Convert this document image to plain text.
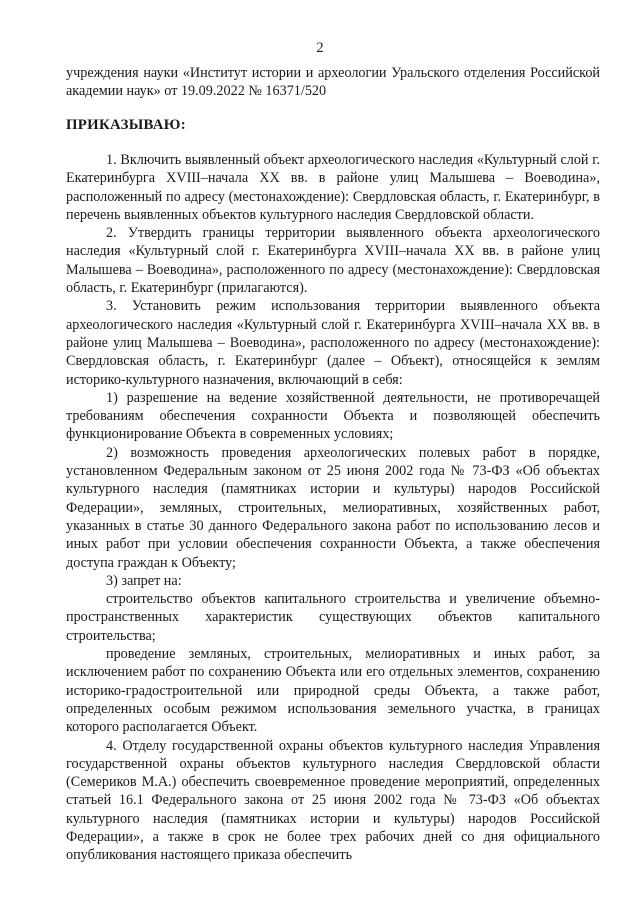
2

учреждения науки «Институт истории и археологии Уральского отделения Российской академии наук» от 19.09.2022 № 16371/520

ПРИКАЗЫВАЮ:

1. Включить выявленный объект археологического наследия «Культурный слой г. Екатеринбурга XVIII–начала XX вв. в районе улиц Малышева – Воеводина», расположенный по адресу (местонахождение): Свердловская область, г. Екатеринбург, в перечень выявленных объектов культурного наследия Свердловской области.

2. Утвердить границы территории выявленного объекта археологического наследия «Культурный слой г. Екатеринбурга XVIII–начала XX вв. в районе улиц Малышева – Воеводина», расположенного по адресу (местонахождение): Свердловская область, г. Екатеринбург (прилагаются).

3. Установить режим использования территории выявленного объекта археологического наследия «Культурный слой г. Екатеринбурга XVIII–начала XX вв. в районе улиц Малышева – Воеводина», расположенного по адресу (местонахождение): Свердловская область, г. Екатеринбург (далее – Объект), относящейся к землям историко-культурного назначения, включающий в себя:

1) разрешение на ведение хозяйственной деятельности, не противоречащей требованиям обеспечения сохранности Объекта и позволяющей обеспечить функционирование Объекта в современных условиях;

2) возможность проведения археологических полевых работ в порядке, установленном Федеральным законом от 25 июня 2002 года № 73-ФЗ «Об объектах культурного наследия (памятниках истории и культуры) народов Российской Федерации», земляных, строительных, мелиоративных, хозяйственных работ, указанных в статье 30 данного Федерального закона работ по использованию лесов и иных работ при условии обеспечения сохранности Объекта, а также обеспечения доступа граждан к Объекту;

3) запрет на:

строительство объектов капитального строительства и увеличение объемно-пространственных характеристик существующих объектов капитального строительства;

проведение земляных, строительных, мелиоративных и иных работ, за исключением работ по сохранению Объекта или его отдельных элементов, сохранению историко-градостроительной или природной среды Объекта, а также работ, определенных особым режимом использования земельного участка, в границах которого располагается Объект.

4. Отделу государственной охраны объектов культурного наследия Управления государственной охраны объектов культурного наследия Свердловской области (Семериков М.А.) обеспечить своевременное проведение мероприятий, определенных статьей 16.1 Федерального закона от 25 июня 2002 года № 73-ФЗ «Об объектах культурного наследия (памятниках истории и культуры) народов Российской Федерации», а также в срок не более трех рабочих дней со дня официального опубликования настоящего приказа обеспечить
